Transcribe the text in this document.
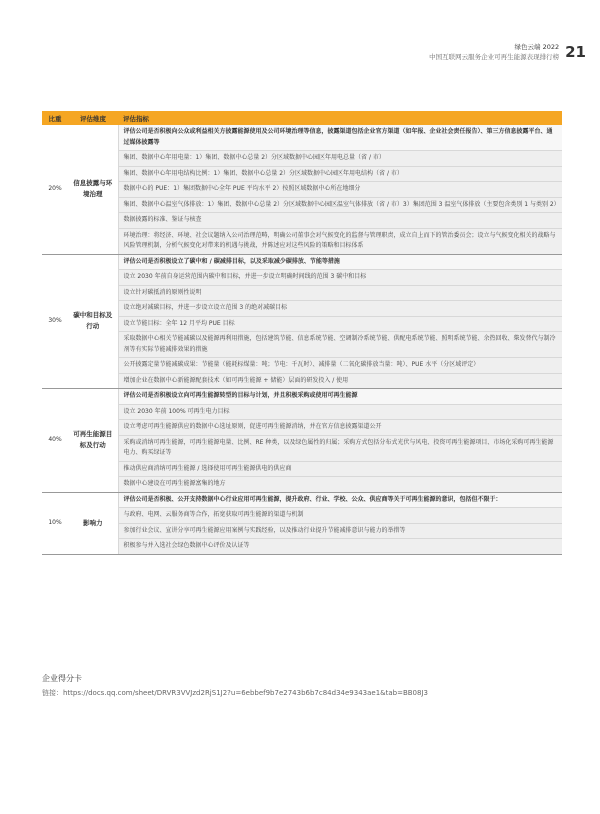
绿色云端 2022
中国互联网云服务企业可再生能源表现排行榜 21
比重	评估维度	评估指标
20%	信息披露与环境治理	评估公司是否积极向公众或利益相关方披露能源使用及公司环境治理等信息，披露渠道包括企业官方渠道（如年报、企业社会责任报告）、第三方信息披露平台、通过媒体披露等
		集团、数据中心年用电量：1）集团、数据中心总量 2）分区域数据中心园区年用电总量（省 / 市）
		集团、数据中心年用电结构比例：1）集团、数据中心总量 2）分区域数据中心园区年用电结构（省 / 市）
		数据中心的 PUE：1）集团数据中心全年 PUE 平均水平 2）按照区域数据中心所在地细分
		集团、数据中心温室气体排放：1）集团、数据中心总量 2）分区域数据中心园区温室气体排放（省 / 市）3）集团范围 3 温室气体排放（主要包含类别 1 与类别 2）
		数据披露的标准、鉴证与核查
		环境治理：将经济、环境、社会议题纳入公司治理范畴，明确公司董事会对气候变化的监督与管理职责，成立自上而下的管治委员会；设立与气候变化相关的战略与风险管理机制，分析气候变化对带来的机遇与挑战，并陈述应对这些风险的策略和目标体系
30%	碳中和目标及行动	评估公司是否积极设立了碳中和 / 碳减排目标，以及采取减少碳排放、节能等措施
		设立 2030 年前自身运营范围内碳中和目标，并进一步设立明确时间线的范围 3 碳中和目标
		设立针对碳抵消的原则性说明
		设立绝对减碳目标，并进一步设立设立范围 3 的绝对减碳目标
		设立节能目标：全年 12 月平均 PUE 目标
		采取数据中心相关节能减碳以及能源再利用措施，包括建筑节能、信息系统节能、空调制冷系统节能、供配电系统节能、照明系统节能、余热回收、柴发替代与制冷剂等有实际节能减排效果的措施
		公开披露定量节能减碳成果：节能量（能耗标煤量：吨；节电：千瓦时）、减排量（二氧化碳排放当量：吨）、PUE 水平（分区域评定）
		增加企业在数据中心新能源配套技术（如可再生能源 + 储能）层面的研发投入 / 使用
40%	可再生能源目标及行动	评估公司是否积极设立向可再生能源转型的目标与计划，并且积极采购或使用可再生能源
		设立 2030 年前 100% 可再生电力目标
		设立考虑可再生能源供应的数据中心选址原则，促进可再生能源消纳，并在官方信息披露渠道公开
		采购或消纳可再生能源，可再生能源电量、比例、RE 种类，以及绿色属性的归属；采购方式包括分布式光伏与风电、投资可再生能源项目、市场化采购可再生能源电力、购买绿证等
		推动供应商消纳可再生能源 / 选择使用可再生能源供电的供应商
		数据中心建设在可再生能源富集的地方
10%	影响力	评估公司是否积极、公开支持数据中心行业应用可再生能源，提升政府、行业、学校、公众、供应商等关于可再生能源的意识，包括但不限于：
		与政府、电网、云服务商等合作，拓宽获取可再生能源的渠道与机制
		参加行业会议、宣讲分享可再生能源应用案例与实践经验，以及推动行业提升节能减排意识与能力的举措等
		积极参与并入选社会绿色数据中心评价及认证等
企业得分卡
链接：https://docs.qq.com/sheet/DRVR3VVJzd2RjS1J2?u=6ebbef9b7e2743b6b7c84d34e9343ae1&tab=BB08J3
